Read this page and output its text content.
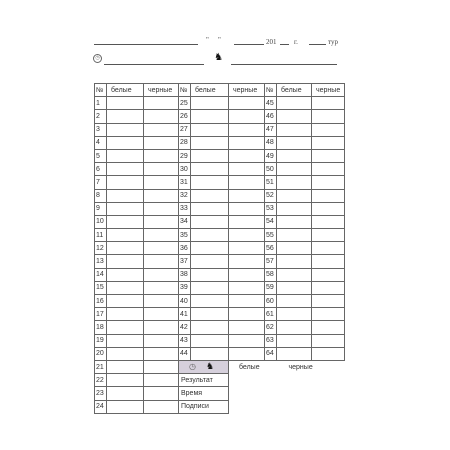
" "	201	г.	тур
◷	♞
№	белые	черные	№	белые	черные	№	белые	черные
1			25			45		
2			26			46		
3			27			47		
4			28			48		
5			29			49		
6			30			50		
7			31			51		
8			32			52		
9			33			53		
10			34			54		
11			35			55		
12			36			56		
13			37			57		
14			38			58		
15			39			59		
16			40			60		
17			41			61		
18			42			62		
19			43			63		
20			44			64		
21			◷ ♞		белые		черные	
22			Результат					
23			Время					
24			Подписи					
